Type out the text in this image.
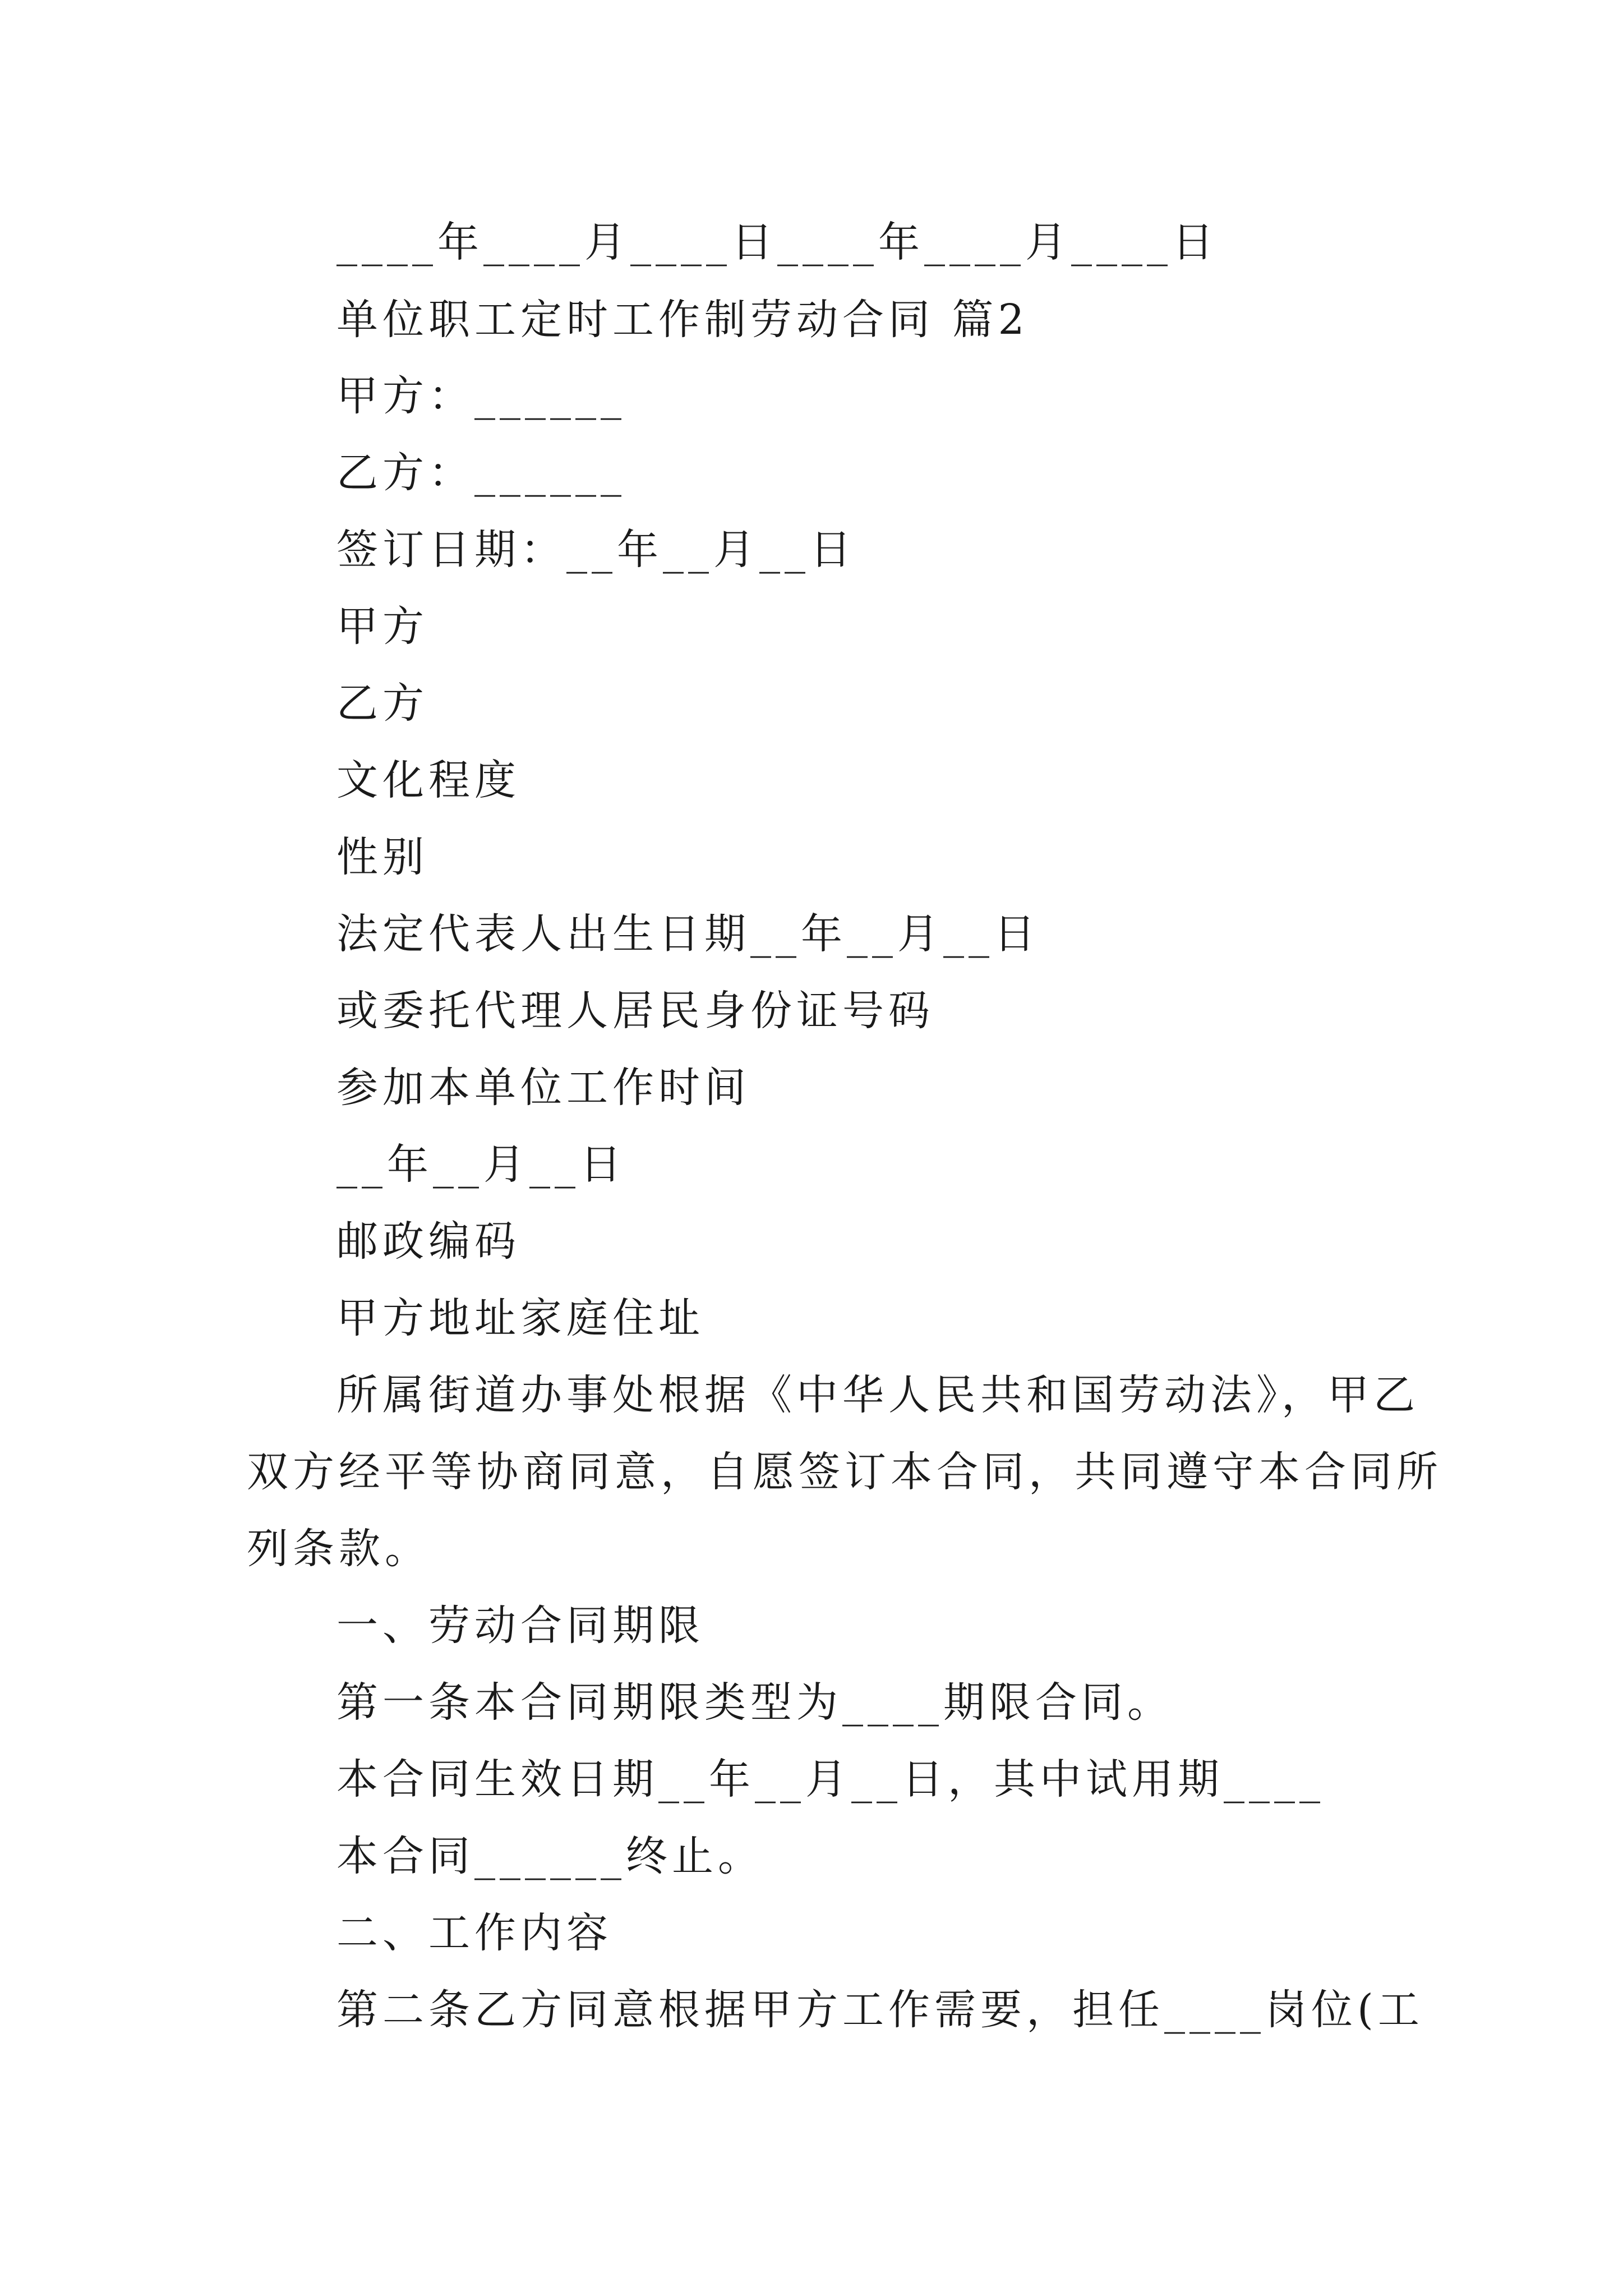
____年____月____日____年____月____日
单位职工定时工作制劳动合同 篇2
甲方：______
乙方：______
签订日期：__年__月__日
甲方
乙方
文化程度
性别
法定代表人出生日期__年__月__日
或委托代理人居民身份证号码
参加本单位工作时间
__年__月__日
邮政编码
甲方地址家庭住址
所属街道办事处根据《中华人民共和国劳动法》，甲乙
双方经平等协商同意，自愿签订本合同，共同遵守本合同所
列条款。
一、劳动合同期限
第一条本合同期限类型为____期限合同。
本合同生效日期__年__月__日，其中试用期____
本合同______终止。
二、工作内容
第二条乙方同意根据甲方工作需要，担任____岗位(工
